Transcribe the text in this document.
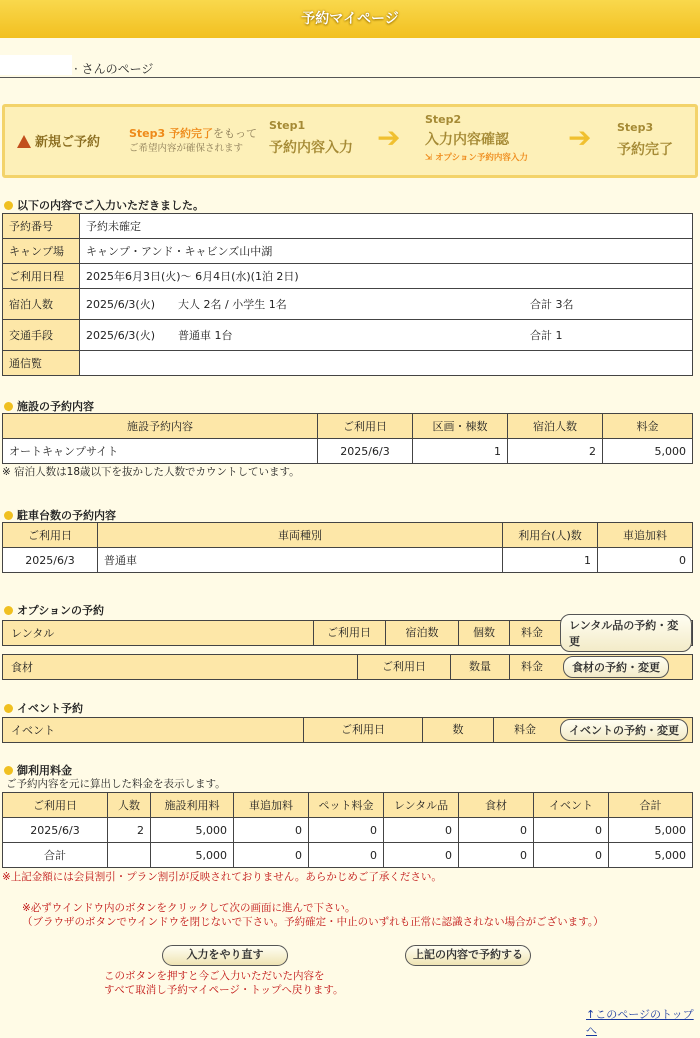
予約マイページ
· さんのページ
新規ご予約
Step3 予約完了をもって
ご希望内容が確保されます
Step1
予約内容入力 ➔
Step2
入力内容確認
⇲ オプション予約内容入力
➔ Step3
予約完了
以下の内容でご入力いただきました。
予約番号	予約未確定		
キャンプ場	キャンプ・アンド・キャビンズ山中湖		
ご利用日程	2025年6月3日(火)～ 6月4日(水)(1泊 2日)		
宿泊人数	2025/6/3(火)	大人 2名 / 小学生 1名	合計 3名
交通手段	2025/6/3(火)	普通車 1台	合計 1
通信覧			
施設の予約内容
施設予約内容	ご利用日	区画・棟数	宿泊人数	料金
オートキャンプサイト	2025/6/3	1	2	5,000
※ 宿泊人数は18歳以下を抜かした人数でカウントしています。
駐車台数の予約内容
ご利用日	車両種別	利用台(人)数	車追加料
2025/6/3	普通車	1	0
オプションの予約
レンタル	ご利用日	宿泊数	個数	料金
レンタル品の予約・変更
食材	ご利用日	数量	料金	食材の予約・変更
イベント予約
イベント	ご利用日	数	料金	イベントの予約・変更
御利用料金
ご予約内容を元に算出した料金を表示します。
ご利用日	人数	施設利用料	車追加料	ペット料金	レンタル品	食材	イベント	合計
2025/6/3	2	5,000	0	0	0	0	0	5,000
合計		5,000	0	0	0	0	0	5,000
※上記金額には会員割引・プラン割引が反映されておりません。あらかじめご了承ください。
※必ずウインドウ内のボタンをクリックして次の画面に進んで下さい。
（ブラウザのボタンでウインドウを閉じないで下さい。予約確定・中止のいずれも正常に認識されない場合がございます。）
入力をやり直す	上記の内容で予約する
このボタンを押すと今ご入力いただいた内容を
すべて取消し予約マイページ・トップへ戻ります。
↑このページのトップへ
